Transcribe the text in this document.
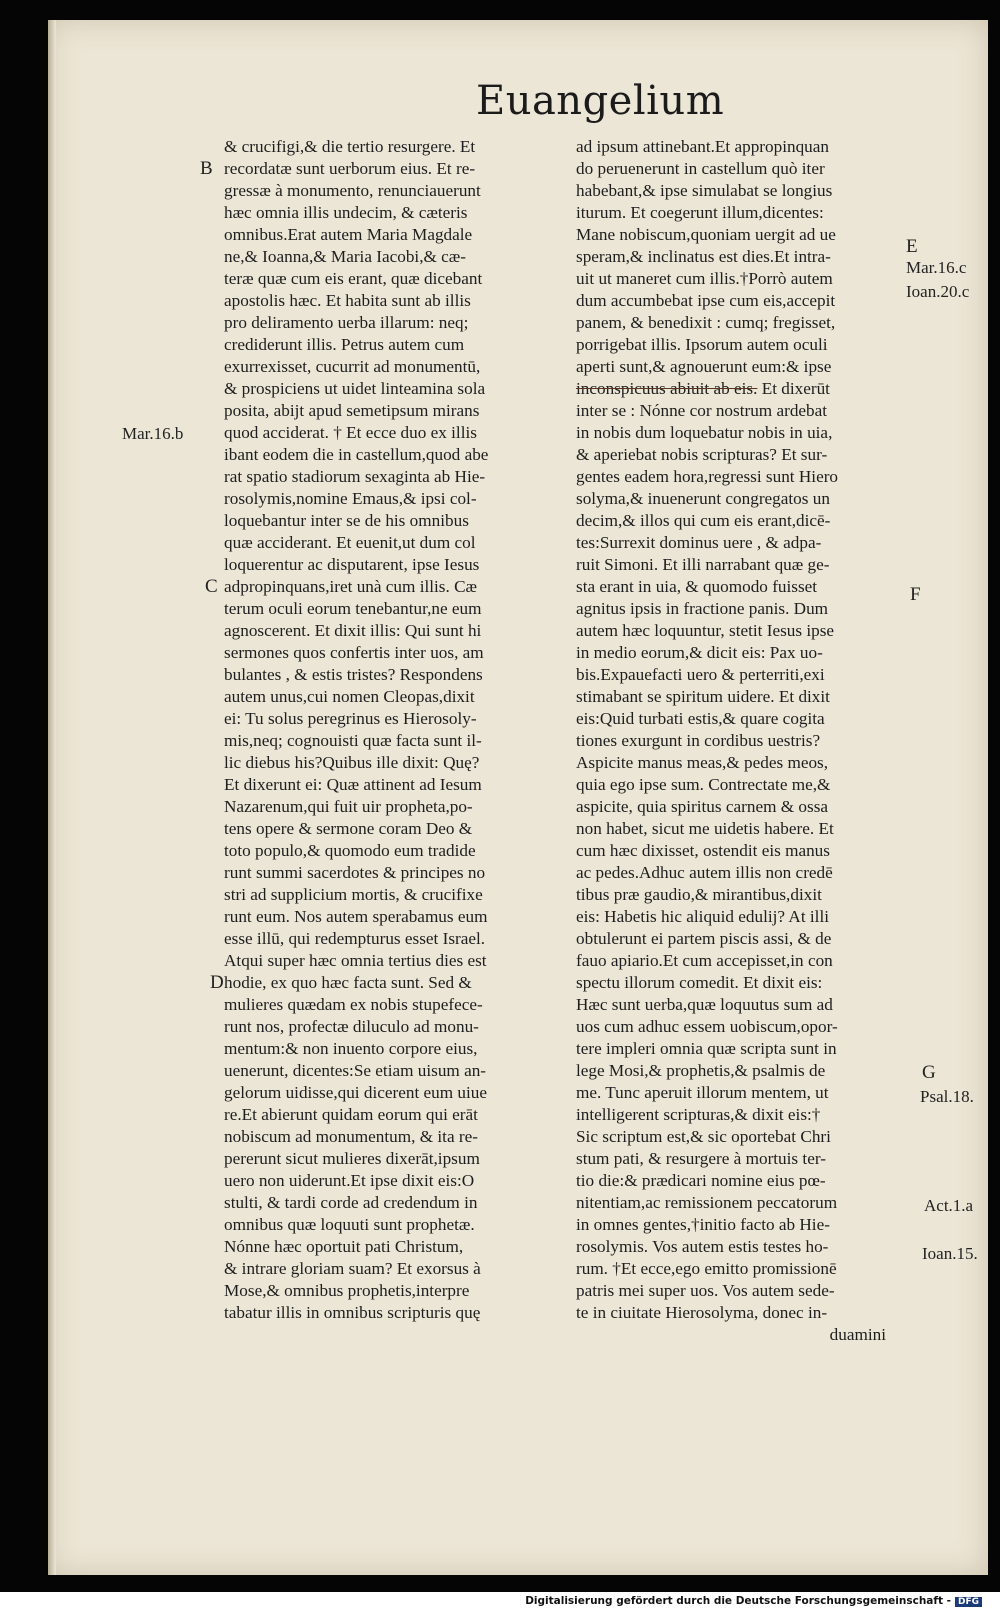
Euangelium
& crucifigi,& die tertio resurgere. Et
recordatæ sunt uerborum eius. Et re-
gressæ à monumento, renunciauerunt
hæc omnia illis undecim, & cæteris
omnibus.Erat autem Maria Magdale
ne,& Ioanna,& Maria Iacobi,& cæ-
teræ quæ cum eis erant, quæ dicebant
apostolis hæc. Et habita sunt ab illis
pro deliramento uerba illarum: neq;
crediderunt illis. Petrus autem cum
exurrexisset, cucurrit ad monumentū,
& prospiciens ut uidet linteamina sola
posita, abijt apud semetipsum mirans
quod acciderat. † Et ecce duo ex illis
ibant eodem die in castellum,quod abe
rat spatio stadiorum sexaginta ab Hie-
rosolymis,nomine Emaus,& ipsi col-
loquebantur inter se de his omnibus
quæ acciderant. Et euenit,ut dum col
loquerentur ac disputarent, ipse Iesus
adpropinquans,iret unà cum illis. Cæ
terum oculi eorum tenebantur,ne eum
agnoscerent. Et dixit illis: Qui sunt hi
sermones quos confertis inter uos, am
bulantes , & estis tristes? Respondens
autem unus,cui nomen Cleopas,dixit
ei: Tu solus peregrinus es Hierosoly-
mis,neq; cognouisti quæ facta sunt il-
lic diebus his?Quibus ille dixit: Quę?
Et dixerunt ei: Quæ attinent ad Iesum
Nazarenum,qui fuit uir propheta,po-
tens opere & sermone coram Deo &
toto populo,& quomodo eum tradide
runt summi sacerdotes & principes no
stri ad supplicium mortis, & crucifixe
runt eum. Nos autem sperabamus eum
esse illū, qui redempturus esset Israel.
Atqui super hæc omnia tertius dies est
hodie, ex quo hæc facta sunt. Sed &
mulieres quædam ex nobis stupefece-
runt nos, profectæ diluculo ad monu-
mentum:& non inuento corpore eius,
uenerunt, dicentes:Se etiam uisum an-
gelorum uidisse,qui dicerent eum uiue
re.Et abierunt quidam eorum qui erāt
nobiscum ad monumentum, & ita re-
pererunt sicut mulieres dixerāt,ipsum
uero non uiderunt.Et ipse dixit eis:O
stulti, & tardi corde ad credendum in
omnibus quæ loquuti sunt prophetæ.
Nónne hæc oportuit pati Christum,
& intrare gloriam suam? Et exorsus à
Mose,& omnibus prophetis,interpre
tabatur illis in omnibus scripturis quę
ad ipsum attinebant.Et appropinquan
do peruenerunt in castellum quò iter
habebant,& ipse simulabat se longius
iturum. Et coegerunt illum,dicentes:
Mane nobiscum,quoniam uergit ad ue
speram,& inclinatus est dies.Et intra-
uit ut maneret cum illis.†Porrò autem
dum accumbebat ipse cum eis,accepit
panem, & benedixit : cumq; fregisset,
porrigebat illis. Ipsorum autem oculi
aperti sunt,& agnouerunt eum:& ipse
inconspicuus abiuit ab eis. Et dixerūt
inter se : Nónne cor nostrum ardebat
in nobis dum loquebatur nobis in uia,
& aperiebat nobis scripturas? Et sur-
gentes eadem hora,regressi sunt Hiero
solyma,& inuenerunt congregatos un
decim,& illos qui cum eis erant,dicē-
tes:Surrexit dominus uere , & adpa-
ruit Simoni. Et illi narrabant quæ ge-
sta erant in uia, & quomodo fuisset
agnitus ipsis in fractione panis. Dum
autem hæc loquuntur, stetit Iesus ipse
in medio eorum,& dicit eis: Pax uo-
bis.Expauefacti uero & perterriti,exi
stimabant se spiritum uidere. Et dixit
eis:Quid turbati estis,& quare cogita
tiones exurgunt in cordibus uestris?
Aspicite manus meas,& pedes meos,
quia ego ipse sum. Contrectate me,&
aspicite, quia spiritus carnem & ossa
non habet, sicut me uidetis habere. Et
cum hæc dixisset, ostendit eis manus
ac pedes.Adhuc autem illis non credē
tibus præ gaudio,& mirantibus,dixit
eis: Habetis hic aliquid edulij? At illi
obtulerunt ei partem piscis assi, & de
fauo apiario.Et cum accepisset,in con
spectu illorum comedit. Et dixit eis:
Hæc sunt uerba,quæ loquutus sum ad
uos cum adhuc essem uobiscum,opor-
tere impleri omnia quæ scripta sunt in
lege Mosi,& prophetis,& psalmis de
me. Tunc aperuit illorum mentem, ut
intelligerent scripturas,& dixit eis:†
Sic scriptum est,& sic oportebat Chri
stum pati, & resurgere à mortuis ter-
tio die:& prædicari nomine eius pœ-
nitentiam,ac remissionem peccatorum
in omnes gentes,†initio facto ab Hie-
rosolymis. Vos autem estis testes ho-
rum. †Et ecce,ego emitto promissionē
patris mei super uos. Vos autem sede-
te in ciuitate Hierosolyma, donec in-
duamini
B
C
D
E
F
G
Mar.16.b
Mar.16.c
Ioan.20.c
Psal.18.
Act.1.a
Ioan.15.
Digitalisierung gefördert durch die Deutsche Forschungsgemeinschaft - DFG
